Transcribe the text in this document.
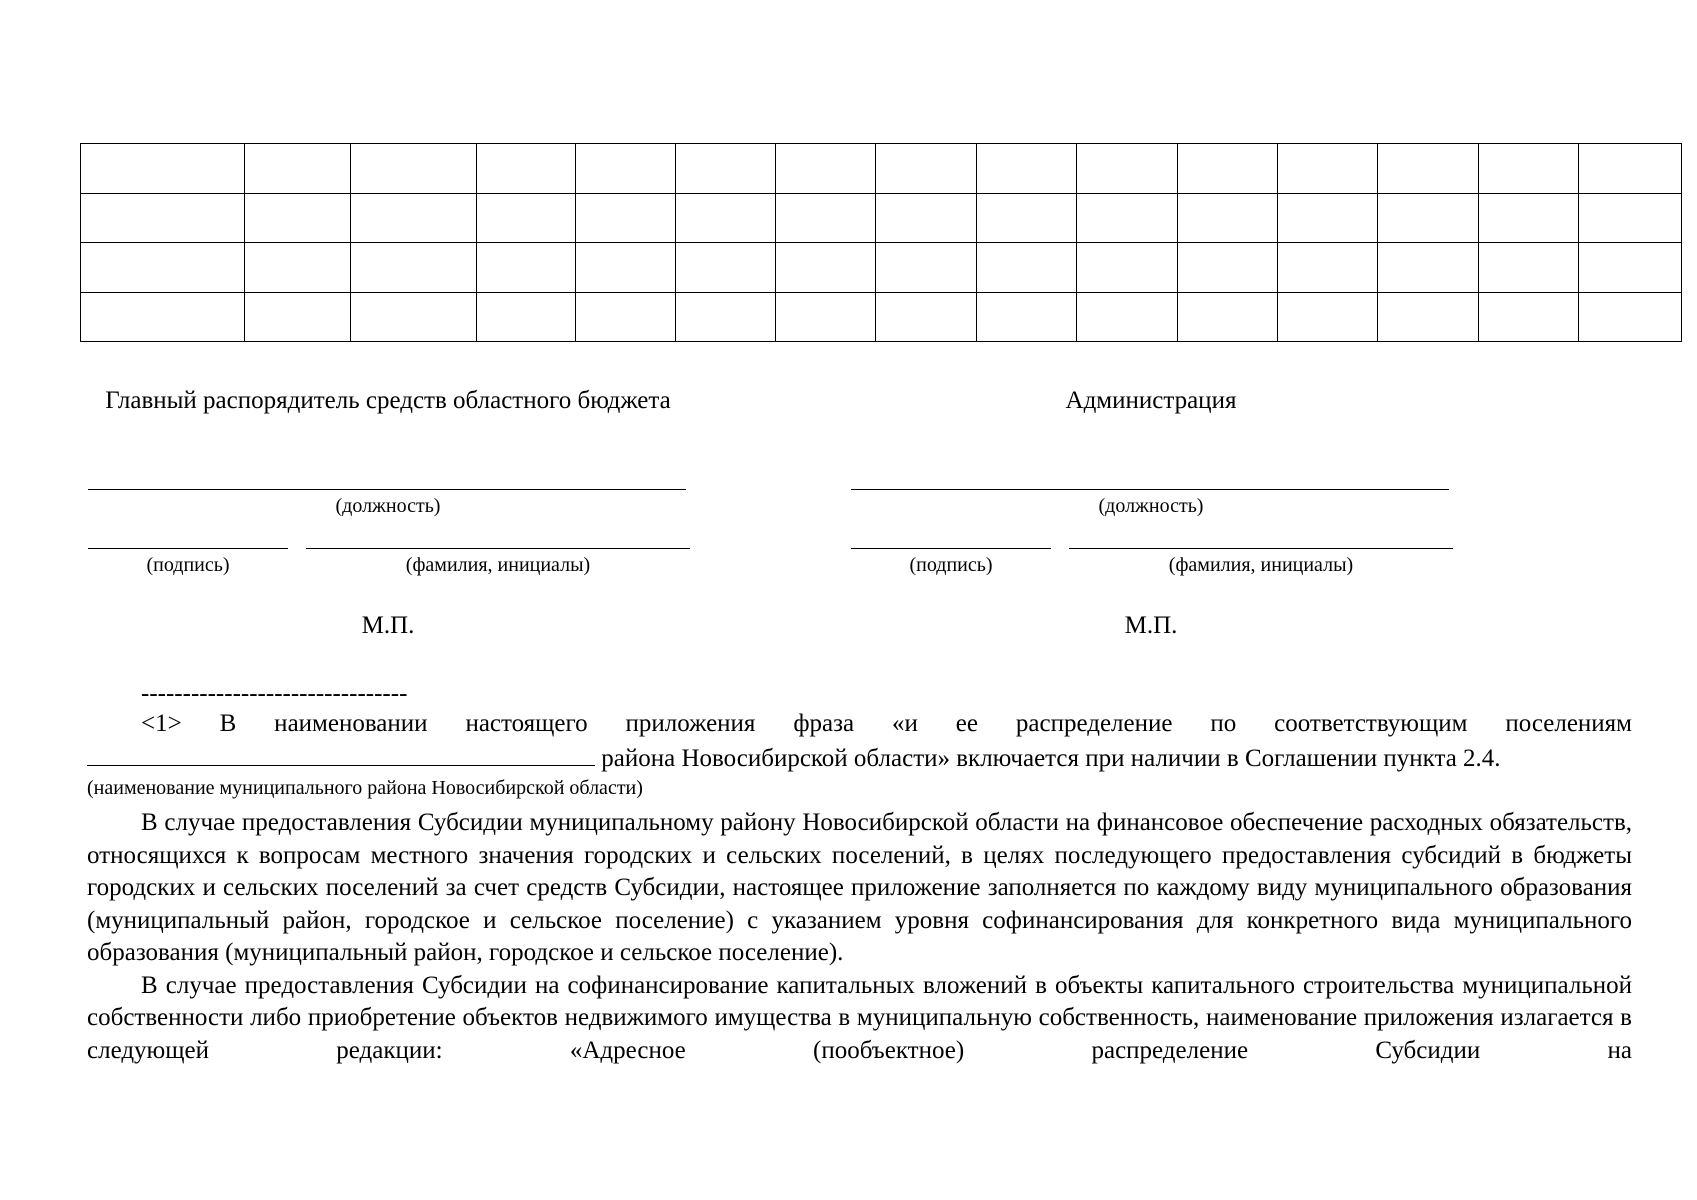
Главный распорядитель средств областного бюджета
(должность)
(подпись)	(фамилия, инициалы)
М.П.
Администрация
(должность)
(подпись)	(фамилия, инициалы)
М.П.
--------------------------------

<1> В наименовании настоящего приложения фраза «и ее распределение по соответствующим поселениям

района Новосибирской области» включается при наличии в Соглашении пункта 2.4.

(наименование муниципального района Новосибирской области)

В случае предоставления Субсидии муниципальному району Новосибирской области на финансовое обеспечение расходных обязательств, относящихся к вопросам местного значения городских и сельских поселений, в целях последующего предоставления субсидий в бюджеты городских и сельских поселений за счет средств Субсидии, настоящее приложение заполняется по каждому виду муниципального образования (муниципальный район, городское и сельское поселение) с указанием уровня софинансирования для конкретного вида муниципального образования (муниципальный район, городское и сельское поселение).

В случае предоставления Субсидии на софинансирование капитальных вложений в объекты капитального строительства муниципальной собственности либо приобретение объектов недвижимого имущества в муниципальную собственность, наименование приложения излагается в следующей редакции: «Адресное (пообъектное) распределение Субсидии на
